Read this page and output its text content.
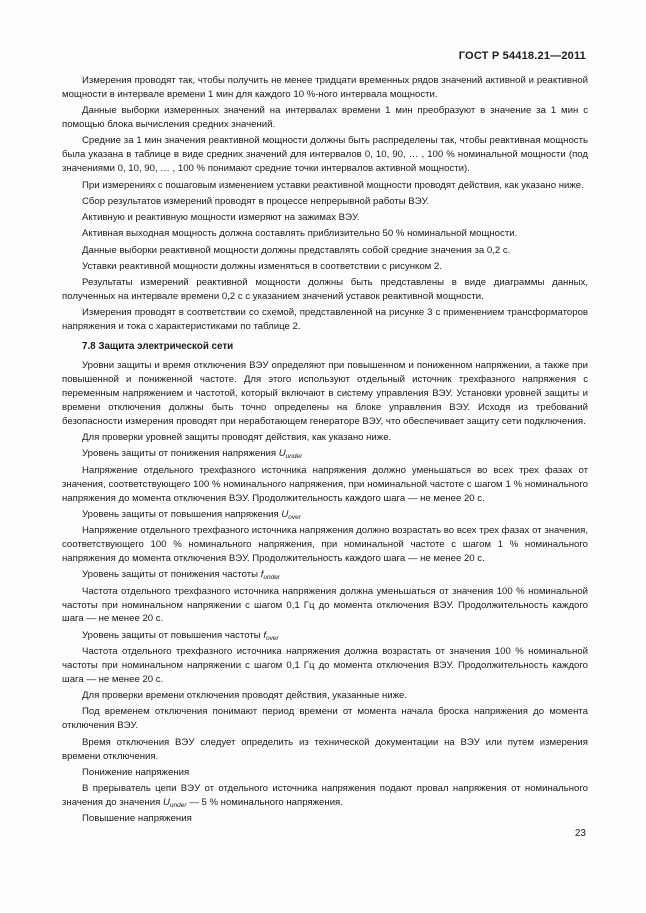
ГОСТ Р 54418.21—2011

Измерения проводят так, чтобы получить не менее тридцати временных рядов значений активной и реактивной мощности в интервале времени 1 мин для каждого 10 %-ного интервала мощности.

Данные выборки измеренных значений на интервалах времени 1 мин преобразуют в значение за 1 мин с помощью блока вычисления средних значений.

Средние за 1 мин значения реактивной мощности должны быть распределены так, чтобы реактивная мощность была указана в таблице в виде средних значений для интервалов 0, 10, 90, … , 100 % номинальной мощности (под значениями 0, 10, 90, … , 100 % понимают средние точки интервалов активной мощности).

При измерениях с пошаговым изменением уставки реактивной мощности проводят действия, как указано ниже.

Сбор результатов измерений проводят в процессе непрерывной работы ВЭУ.

Активную и реактивную мощности измеряют на зажимах ВЭУ.

Активная выходная мощность должна составлять приблизительно 50 % номинальной мощности.

Данные выборки реактивной мощности должны представлять собой средние значения за 0,2 с.

Уставки реактивной мощности должны изменяться в соответствии с рисунком 2.

Результаты измерений реактивной мощности должны быть представлены в виде диаграммы данных, полученных на интервале времени 0,2 с с указанием значений уставок реактивной мощности.

Измерения проводят в соответствии со схемой, представленной на рисунке 3 с применением трансформаторов напряжения и тока с характеристиками по таблице 2.

7.8 Защита электрической сети

Уровни защиты и время отключения ВЭУ определяют при повышенном и пониженном напряжении, а также при повышенной и пониженной частоте. Для этого используют отдельный источник трехфазного напряжения с переменным напряжением и частотой, который включают в систему управления ВЭУ. Установки уровней защиты и времени отключения должны быть точно определены на блоке управления ВЭУ. Исходя из требований безопасности измерения проводят при неработающем генераторе ВЭУ, что обеспечивает защиту сети подключения.

Для проверки уровней защиты проводят действия, как указано ниже.

Уровень защиты от понижения напряжения $U_{under}$

Напряжение отдельного трехфазного источника напряжения должно уменьшаться во всех трех фазах от значения, соответствующего 100 % номинального напряжения, при номинальной частоте с шагом 1 % номинального напряжения до момента отключения ВЭУ. Продолжительность каждого шага — не менее 20 с.

Уровень защиты от повышения напряжения $U_{over}$

Напряжение отдельного трехфазного источника напряжения должно возрастать во всех трех фазах от значения, соответствующего 100 % номинального напряжения, при номинальной частоте с шагом 1 % номинального напряжения до момента отключения ВЭУ. Продолжительность каждого шага — не менее 20 с.

Уровень защиты от понижения частоты $f_{under}$

Частота отдельного трехфазного источника напряжения должна уменьшаться от значения 100 % номинальной частоты при номинальном напряжении с шагом 0,1 Гц до момента отключения ВЭУ. Продолжительность каждого шага — не менее 20 с.

Уровень защиты от повышения частоты $f_{over}$

Частота отдельного трехфазного источника напряжения должна возрастать от значения 100 % номинальной частоты при номинальном напряжении с шагом 0,1 Гц до момента отключения ВЭУ. Продолжительность каждого шага — не менее 20 с.

Для проверки времени отключения проводят действия, указанные ниже.

Под временем отключения понимают период времени от момента начала броска напряжения до момента отключения ВЭУ.

Время отключения ВЭУ следует определить из технической документации на ВЭУ или путем измерения времени отключения.

Понижение напряжения

В прерыватель цепи ВЭУ от отдельного источника напряжения подают провал напряжения от номинального значения до значения $U_{under}$ — 5 % номинального напряжения.

Повышение напряжения

23
